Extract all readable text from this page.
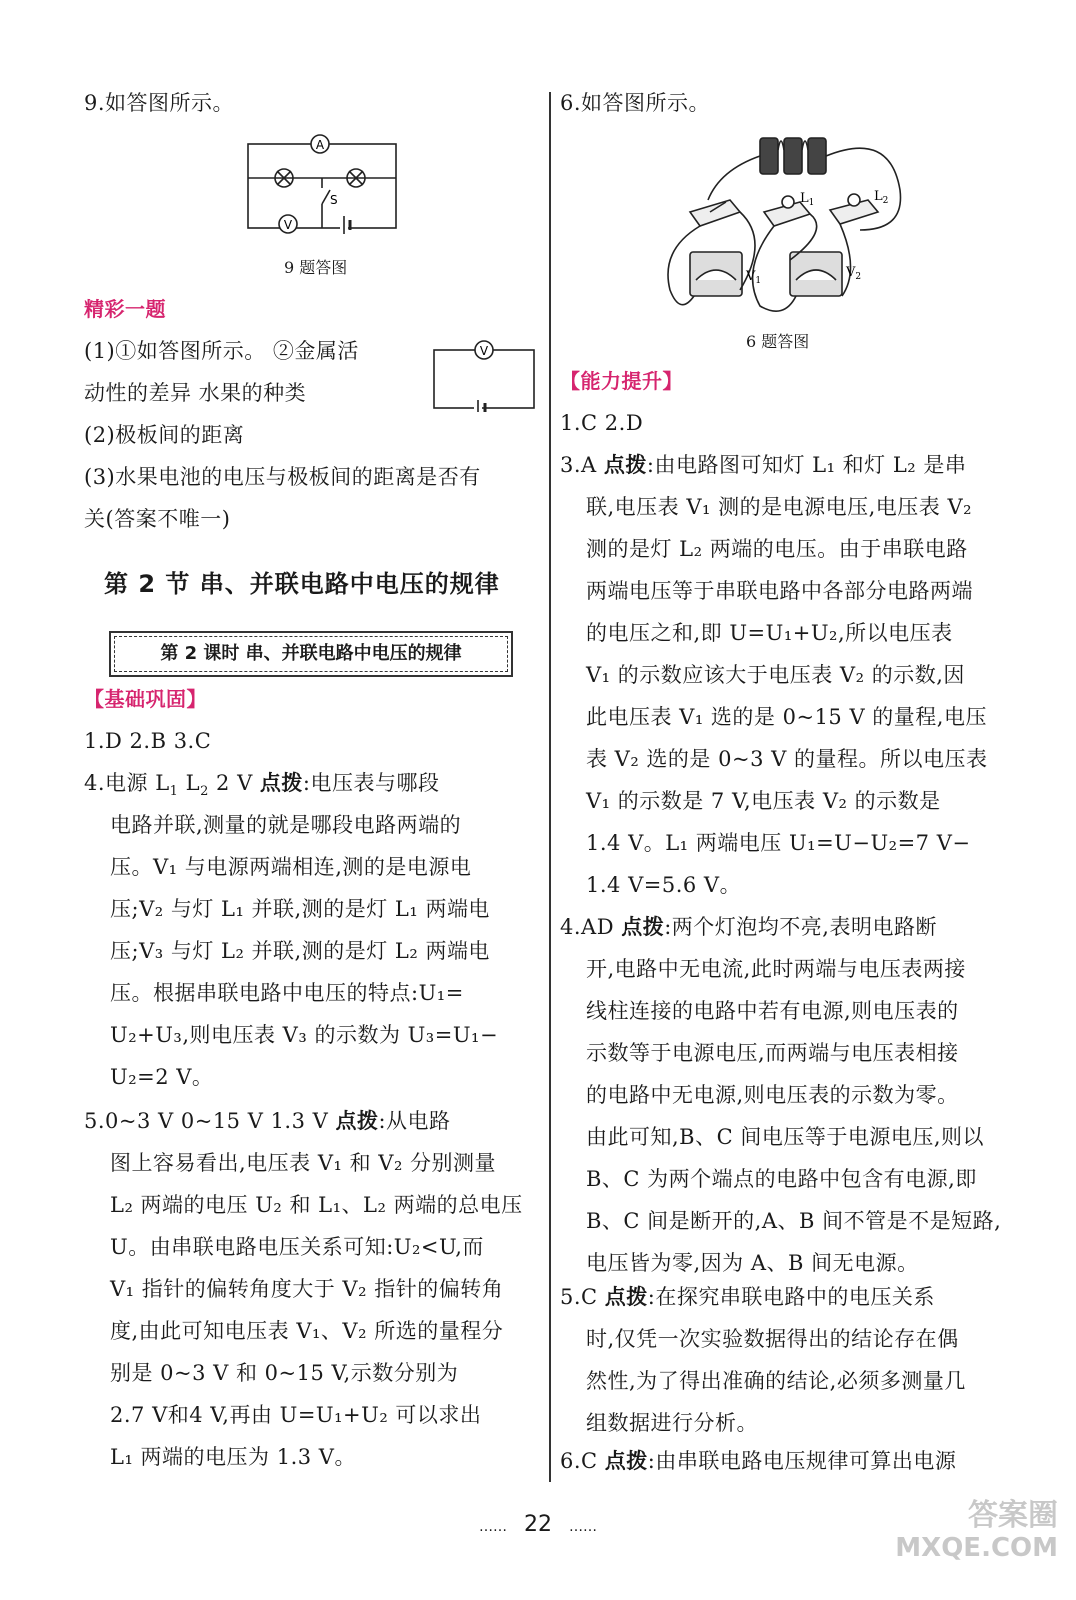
9.如答图所示。
A
V
S
9 题答图
精彩一题
(1)①如答图所示。 ②金属活	V
动性的差异 水果的种类
(2)极板间的距离
(3)水果电池的电压与极板间的距离是否有
关(答案不唯一)
第 2 节 串、并联电路中电压的规律
第 2 课时 串、并联电路中电压的规律
【基础巩固】
1.D 2.B 3.C
4.电源 $L_1$ $L_2$ 2 V 点拨:电压表与哪段
电路并联,测量的就是哪段电路两端的
压。V₁ 与电源两端相连,测的是电源电
压;V₂ 与灯 L₁ 并联,测的是灯 L₁ 两端电
压;V₃ 与灯 L₂ 并联,测的是灯 L₂ 两端电
压。根据串联电路中电压的特点:U₁=
U₂+U₃,则电压表 V₃ 的示数为 U₃=U₁−
U₂=2 V。
5.0~3 V 0~15 V 1.3 V 点拨:从电路
图上容易看出,电压表 V₁ 和 V₂ 分别测量
L₂ 两端的电压 U₂ 和 L₁、L₂ 两端的总电压
U。由串联电路电压关系可知:U₂<U,而
V₁ 指针的偏转角度大于 V₂ 指针的偏转角
度,由此可知电压表 V₁、V₂ 所选的量程分
别是 0~3 V 和 0~15 V,示数分别为
2.7 V和4 V,再由 U=U₁+U₂ 可以求出
L₁ 两端的电压为 1.3 V。
6.如答图所示。
$L_1$	$L_2$
$V_1$
$V_2$
6 题答图
【能力提升】
1.C 2.D
3.A 点拨:由电路图可知灯 L₁ 和灯 L₂ 是串
联,电压表 V₁ 测的是电源电压,电压表 V₂
测的是灯 L₂ 两端的电压。由于串联电路
两端电压等于串联电路中各部分电路两端
的电压之和,即 U=U₁+U₂,所以电压表
V₁ 的示数应该大于电压表 V₂ 的示数,因
此电压表 V₁ 选的是 0~15 V 的量程,电压
表 V₂ 选的是 0~3 V 的量程。所以电压表
V₁ 的示数是 7 V,电压表 V₂ 的示数是
1.4 V。L₁ 两端电压 U₁=U−U₂=7 V−
1.4 V=5.6 V。
4.AD 点拨:两个灯泡均不亮,表明电路断
开,电路中无电流,此时两端与电压表两接
线柱连接的电路中若有电源,则电压表的
示数等于电源电压,而两端与电压表相接
的电路中无电源,则电压表的示数为零。
由此可知,B、C 间电压等于电源电压,则以
B、C 为两个端点的电路中包含有电源,即
B、C 间是断开的,A、B 间不管是不是短路,
电压皆为零,因为 A、B 间无电源。
5.C 点拨:在探究串联电路中的电压关系
时,仅凭一次实验数据得出的结论存在偶
然性,为了得出准确的结论,必须多测量几
组数据进行分析。
6.C 点拨:由串联电路电压规律可算出电源
…… 22 ……	答案圈
MXQE.COM
